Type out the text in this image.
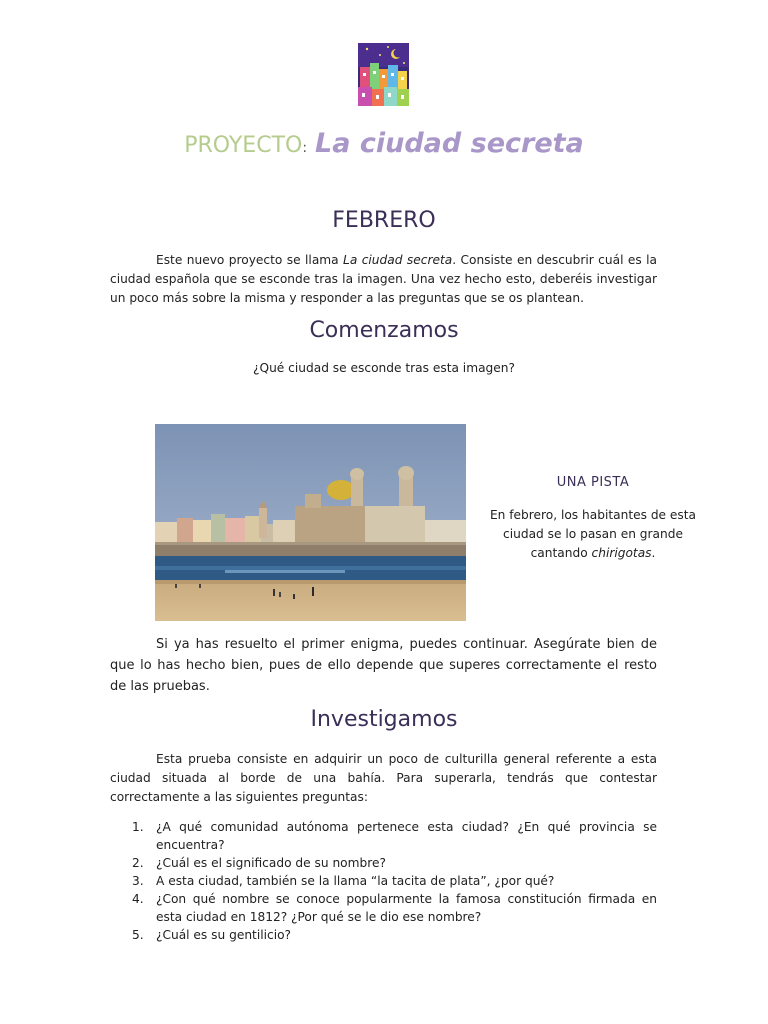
PROYECTO: La ciudad secreta
FEBRERO

Este nuevo proyecto se llama La ciudad secreta. Consiste en descubrir cuál es la ciudad española que se esconde tras la imagen. Una vez hecho esto, deberéis investigar un poco más sobre la misma y responder a las preguntas que se os plantean.

Comenzamos
¿Qué ciudad se esconde tras esta imagen?
UNA PISTA
En febrero, los habitantes de esta ciudad se lo pasan en grande cantando chirigotas.

Si ya has resuelto el primer enigma, puedes continuar. Asegúrate bien de que lo has hecho bien, pues de ello depende que superes correctamente el resto de las pruebas.

Investigamos

Esta prueba consiste en adquirir un poco de culturilla general referente a esta ciudad situada al borde de una bahía. Para superarla, tendrás que contestar correctamente a las siguientes preguntas:

1. ¿A qué comunidad autónoma pertenece esta ciudad? ¿En qué provincia se encuentra?
2. ¿Cuál es el significado de su nombre?
3. A esta ciudad, también se la llama “la tacita de plata”, ¿por qué?
4. ¿Con qué nombre se conoce popularmente la famosa constitución firmada en esta ciudad en 1812? ¿Por qué se le dio ese nombre?
5. ¿Cuál es su gentilicio?
